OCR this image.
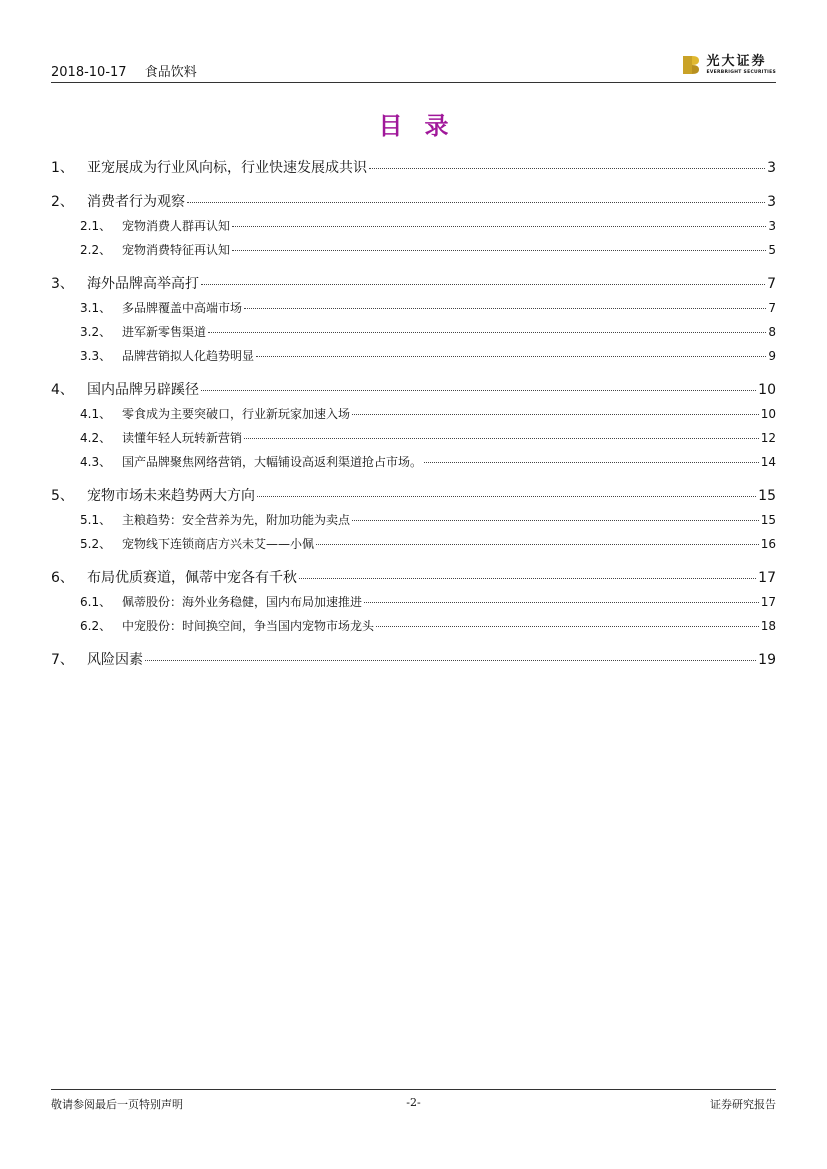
2018-10-17 食品饮料
光大证券
EVERBRIGHT SECURITIES
目录
1、 亚宠展成为行业风向标，行业快速发展成共识	3
2、 消费者行为观察	3
2.1、 宠物消费人群再认知	3
2.2、 宠物消费特征再认知	5
3、 海外品牌高举高打	7
3.1、 多品牌覆盖中高端市场	7
3.2、 进军新零售渠道	8
3.3、 品牌营销拟人化趋势明显	9
4、 国内品牌另辟蹊径	10
4.1、 零食成为主要突破口，行业新玩家加速入场	10
4.2、 读懂年轻人玩转新营销	12
4.3、 国产品牌聚焦网络营销，大幅铺设高返利渠道抢占市场。	14
5、 宠物市场未来趋势两大方向	15
5.1、 主粮趋势：安全营养为先，附加功能为卖点	15
5.2、 宠物线下连锁商店方兴未艾——小佩	16
6、 布局优质赛道，佩蒂中宠各有千秋	17
6.1、 佩蒂股份：海外业务稳健，国内布局加速推进	17
6.2、 中宠股份：时间换空间，争当国内宠物市场龙头	18
7、 风险因素	19
敬请参阅最后一页特别声明	-2-	证券研究报告
